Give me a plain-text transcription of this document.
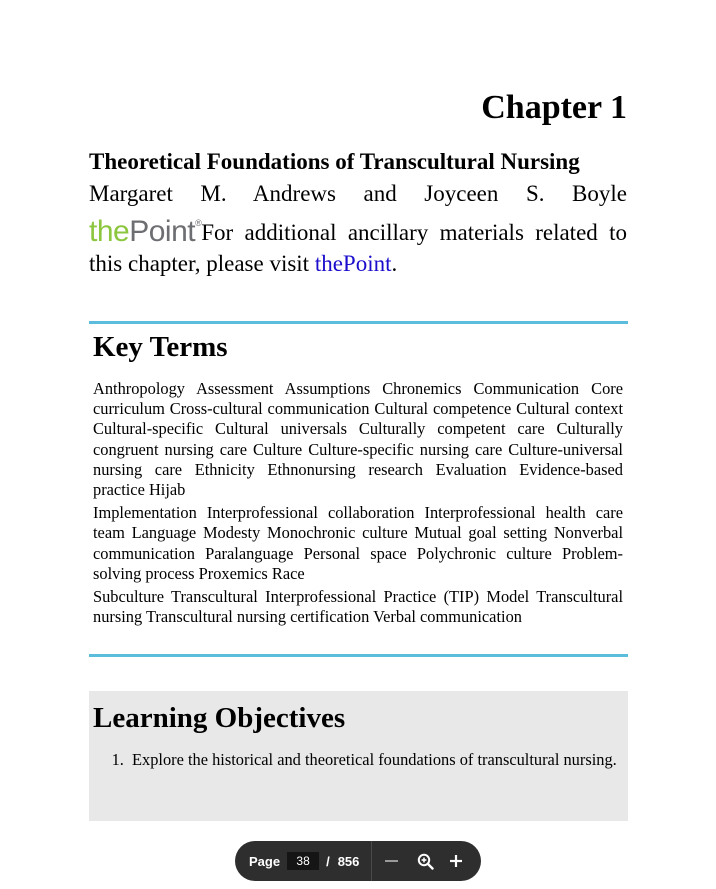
Chapter 1
Theoretical Foundations of Transcultural Nursing
Margaret M. Andrews and Joyceen S. Boyle
thePoint®For additional ancillary materials related to this chapter, please visit thePoint.
Key Terms

Anthropology Assessment Assumptions Chronemics Communication Core curriculum Cross-cultural communication Cultural competence Cultural context Cultural-specific Cultural universals Culturally competent care Culturally congruent nursing care Culture Culture-specific nursing care Culture-universal nursing care Ethnicity Ethnonursing research Evaluation Evidence-based practice Hijab

Implementation Interprofessional collaboration Interprofessional health care team Language Modesty Monochronic culture Mutual goal setting Nonverbal communication Paralanguage Personal space Polychronic culture Problem-solving process Proxemics Race

Subculture Transcultural Interprofessional Practice (TIP) Model Transcultural nursing Transcultural nursing certification Verbal communication

Learning Objectives
1. Explore the historical and theoretical foundations of transcultural nursing.
Page
38	/ 856
